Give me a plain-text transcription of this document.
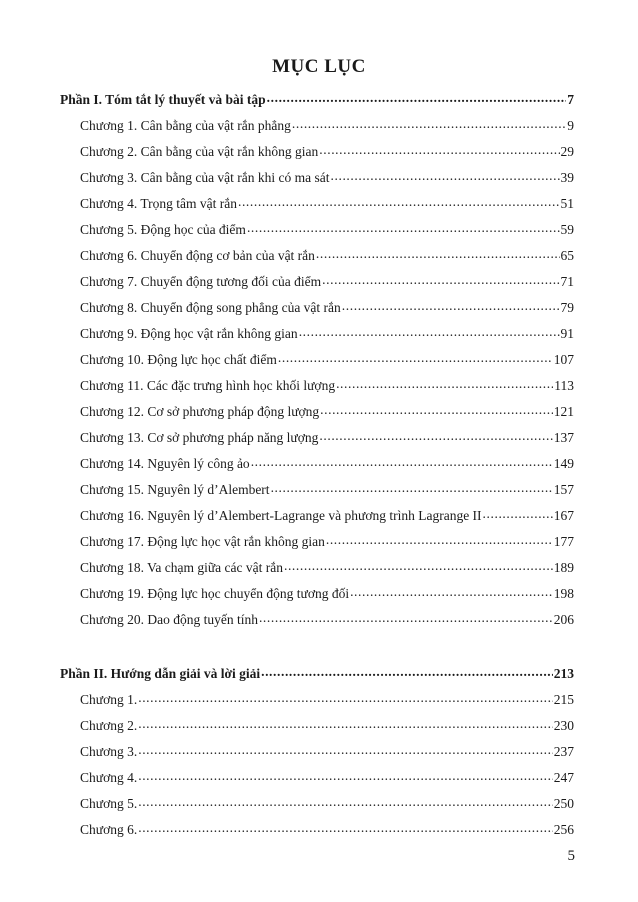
MỤC LỤC
Phần I. Tóm tắt lý thuyết và bài tập .....	7
Chương 1. Cân bằng của vật rắn phẳng .....	9
Chương 2. Cân bằng của vật rắn không gian .....	29
Chương 3. Cân bằng của vật rắn khi có ma sát .....	39
Chương 4. Trọng tâm vật rắn .....	51
Chương 5. Động học của điểm .....	59
Chương 6. Chuyển động cơ bản của vật rắn .....	65
Chương 7. Chuyển động tương đối của điểm .....	71
Chương 8. Chuyển động song phẳng của vật rắn .....	79
Chương 9. Động học vật rắn không gian .....	91
Chương 10. Động lực học chất điểm .....	107
Chương 11. Các đặc trưng hình học khối lượng .....	113
Chương 12. Cơ sở phương pháp động lượng .....	121
Chương 13. Cơ sở phương pháp năng lượng .....	137
Chương 14. Nguyên lý công ảo .....	149
Chương 15. Nguyên lý d’Alembert .....	157
Chương 16. Nguyên lý d’Alembert-Lagrange và phương trình Lagrange II .....	167
Chương 17. Động lực học vật rắn không gian .....	177
Chương 18. Va chạm giữa các vật rắn .....	189
Chương 19. Động lực học chuyển động tương đối .....	198
Chương 20. Dao động tuyến tính .....	206
Phần II. Hướng dẫn giải và lời giải .....	213
Chương 1. .....	215
Chương 2. .....	230
Chương 3. .....	237
Chương 4. .....	247
Chương 5. .....	250
Chương 6. .....	256
5
